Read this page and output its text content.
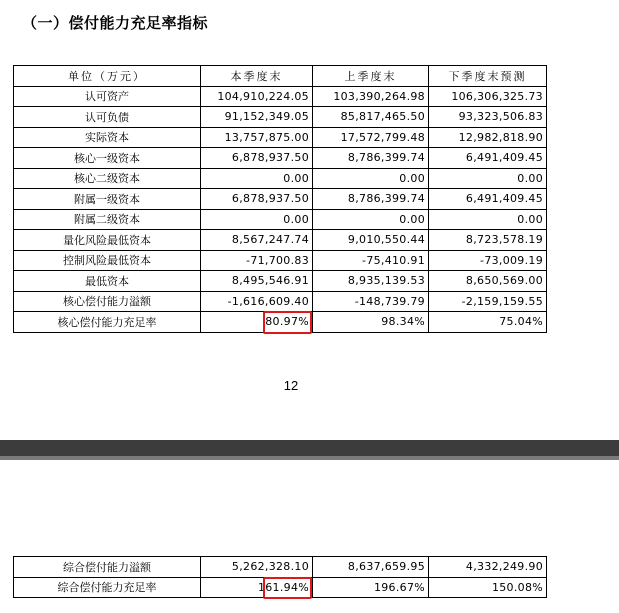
（一）偿付能力充足率指标
单位（万元）	本季度末	上季度末	下季度末预测
认可资产	104,910,224.05	103,390,264.98	106,306,325.73
认可负债	91,152,349.05	85,817,465.50	93,323,506.83
实际资本	13,757,875.00	17,572,799.48	12,982,818.90
核心一级资本	6,878,937.50	8,786,399.74	6,491,409.45
核心二级资本	0.00	0.00	0.00
附属一级资本	6,878,937.50	8,786,399.74	6,491,409.45
附属二级资本	0.00	0.00	0.00
量化风险最低资本	8,567,247.74	9,010,550.44	8,723,578.19
控制风险最低资本	-71,700.83	-75,410.91	-73,009.19
最低资本	8,495,546.91	8,935,139.53	8,650,569.00
核心偿付能力溢额	-1,616,609.40	-148,739.79	-2,159,159.55
核心偿付能力充足率	80.97%	98.34%	75.04%
12
综合偿付能力溢额	5,262,328.10	8,637,659.95	4,332,249.90
综合偿付能力充足率	161.94%	196.67%	150.08%
